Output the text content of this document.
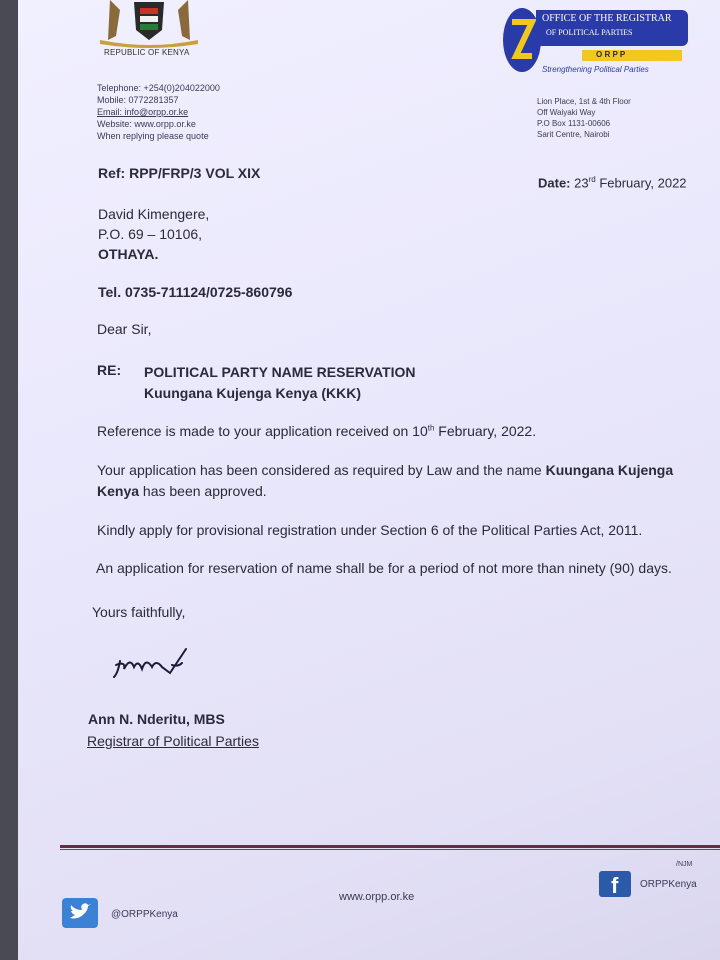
REPUBLIC OF KENYA
Telephone: +254(0)204022000
Mobile: 0772281357
Email: info@orpp.or.ke
Website: www.orpp.or.ke
When replying please quote
OFFICE OF THE REGISTRAR
OF POLITICAL PARTIES
O R P P
Strengthening Political Parties
Lion Place, 1st & 4th Floor
Off Waiyaki Way
P.O Box 1131-00606
Sarit Centre, Nairobi
Ref: RPP/FRP/3 VOL XIX
Date: 23rd February, 2022
David Kimengere,
P.O. 69 – 10106,
OTHAYA.
Tel. 0735-711124/0725-860796
Dear Sir,
RE: POLITICAL PARTY NAME RESERVATION
Kuungana Kujenga Kenya (KKK)
Reference is made to your application received on 10th February, 2022.
Your application has been considered as required by Law and the name Kuungana Kujenga Kenya has been approved.
Kindly apply for provisional registration under Section 6 of the Political Parties Act, 2011.
An application for reservation of name shall be for a period of not more than ninety (90) days.
Yours faithfully,
Ann N. Nderitu, MBS
Registrar of Political Parties
/NJM
f ORPPKenya
www.orpp.or.ke
@ORPPKenya
